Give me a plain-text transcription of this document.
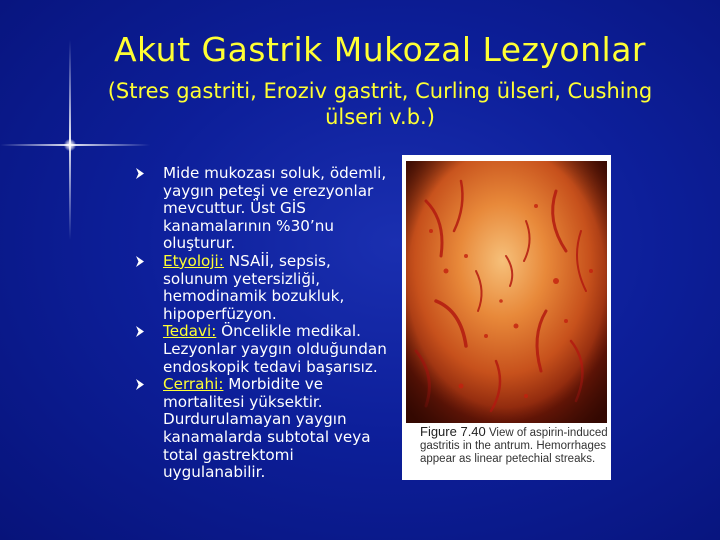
Akut Gastrik Mukozal Lezyonlar
(Stres gastriti, Eroziv gastrit, Curling ülseri, Cushing ülseri v.b.)
Mide mukozası soluk, ödemli, yaygın peteşi ve erezyonlar mevcuttur. Üst GİS kanamalarının %30’nu oluşturur.
Etyoloji: NSAİİ, sepsis, solunum yetersizliği, hemodinamik bozukluk, hipoperfüzyon.
Tedavi: Öncelikle medikal. Lezyonlar yaygın olduğundan endoskopik tedavi başarısız.
Cerrahi: Morbidite ve mortalitesi yüksektir. Durdurulamayan yaygın kanamalarda subtotal veya total gastrektomi uygulanabilir.
Figure 7.40 View of aspirin-induced gastritis in the antrum. Hemorrhages appear as linear petechial streaks.
